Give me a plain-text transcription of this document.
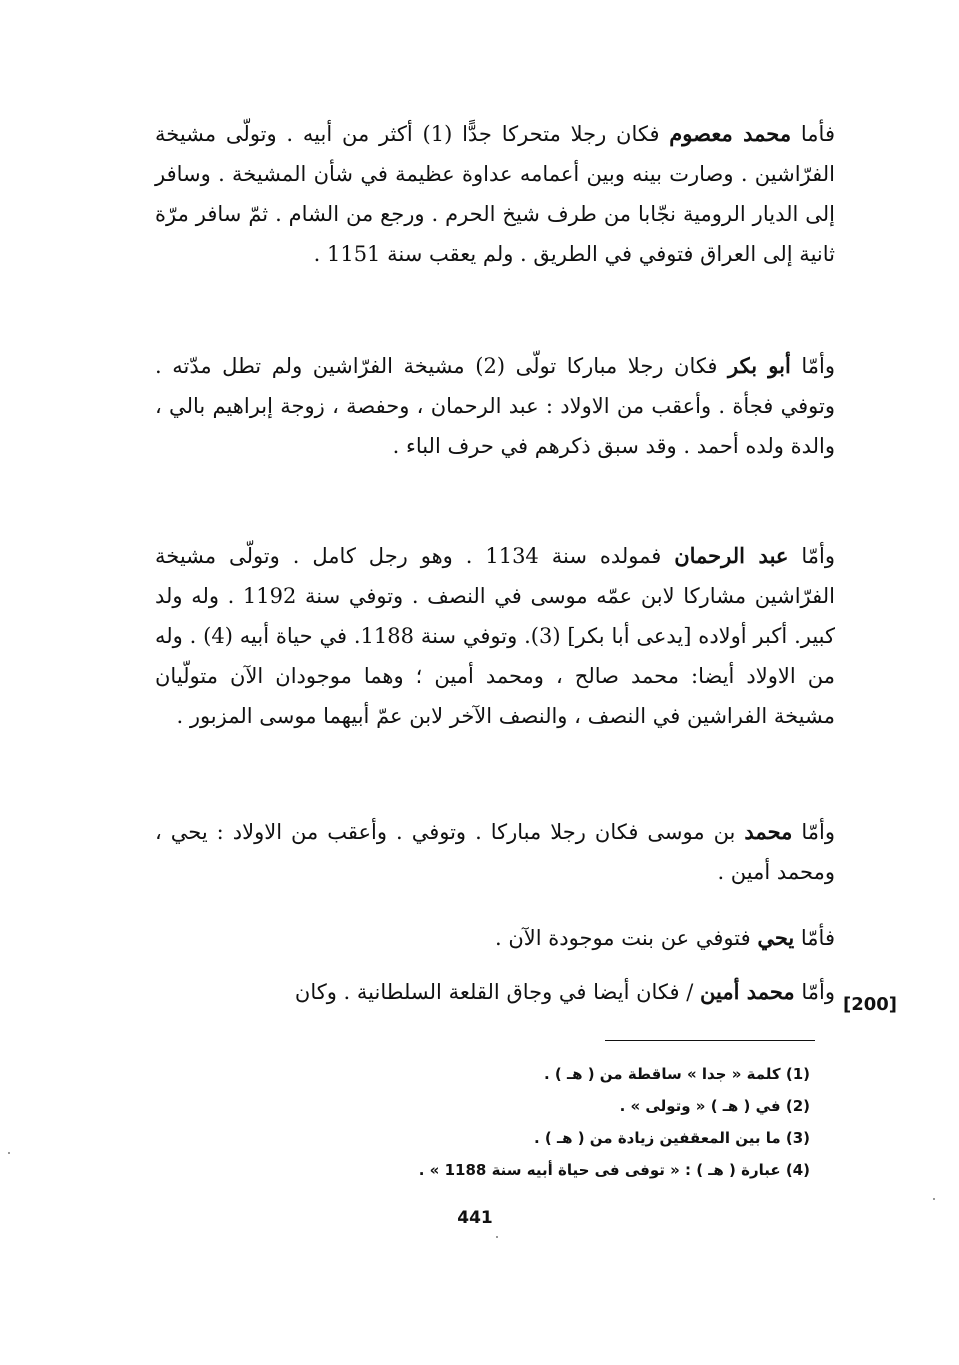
فأما محمد معصوم فكان رجلا متحركا جدًّا (1) أكثر من أبيه . وتولّى مشيخة الفرّاشين . وصارت بينه وبين أعمامه عداوة عظيمة في شأن المشيخة . وسافر إلى الديار الرومية نجّابا من طرف شيخ الحرم . ورجع من الشام . ثمّ سافر مرّة ثانية إلى العراق فتوفي في الطريق . ولم يعقب سنة 1151 .

وأمّا أبو بكر فكان رجلا مباركا تولّى (2) مشيخة الفرّاشين ولم تطل مدّته . وتوفي فجأة . وأعقب من الاولاد : عبد الرحمان ، وحفصة ، زوجة إبراهيم بالي ، والدة ولده أحمد . وقد سبق ذكرهم في حرف الباء .

وأمّا عبد الرحمان فمولده سنة 1134 . وهو رجل كامل . وتولّى مشيخة الفرّاشين مشاركا لابن عمّه موسى في النصف . وتوفي سنة 1192 . وله ولد كبير. أكبر أولاده [يدعى أبا بكر] (3). وتوفي سنة 1188. في حياة أبيه (4) . وله من الاولاد أيضا: محمد صالح ، ومحمد أمين ؛ وهما موجودان الآن متولّيان مشيخة الفراشين في النصف ، والنصف الآخر لابن عمّ أبيهما موسى المزبور .

وأمّا محمد بن موسى فكان رجلا مباركا . وتوفي . وأعقب من الاولاد : يحي ، ومحمد أمين .

فأمّا يحي فتوفي عن بنت موجودة الآن .

وأمّا محمد أمين / فكان أيضا في وجاق القلعة السلطانية . وكان

[200]
(1) كلمة « جدا » ساقطة من ( هـ ) .
(2) في ( هـ ) « وتولى » .
(3) ما بين المعقفين زيادة من ( هـ ) .
(4) عبارة ( هـ ) : « توفى فى حياة أبيه سنة 1188 » .
441
